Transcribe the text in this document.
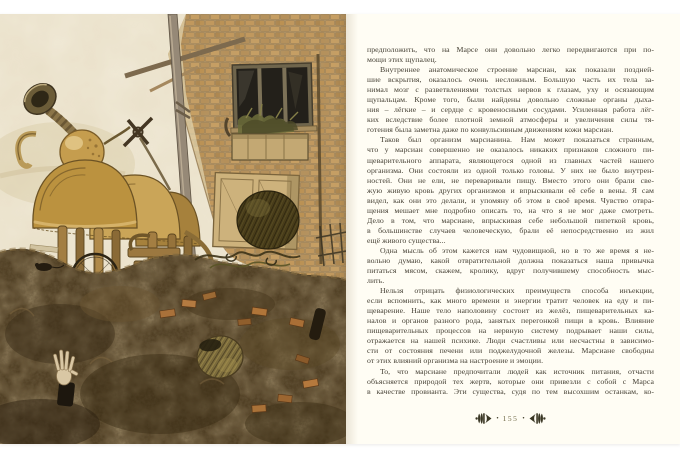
предположить, что на Марсе они довольно легко передвигаются при по-
мощи этих щупалец.
Внутреннее анатомическое строение марсиан, как показали поздней-
шие вскрытия, оказалось очень несложным. Большую часть их тела за-
нимал мозг с разветвлениями толстых нервов к глазам, уху и осязающим
щупальцам. Кроме того, были найдены довольно сложные органы дыха-
ния – лёгкие – и сердце с кровеносными сосудами. Усиленная работа лёг-
ких вследствие более плотной земной атмосферы и увеличения силы тя-
готения была заметна даже по конвульсивным движениям кожи марсиан.
Таков был организм марсианина. Нам может показаться странным,
что у марсиан совершенно не оказалось никаких признаков сложного пи-
щеварительного аппарата, являющегося одной из главных частей нашего
организма. Они состояли из одной только головы. У них не было внутрен-
ностей. Они не ели, не переваривали пищу. Вместо этого они брали све-
жую живую кровь других организмов и впрыскивали её себе в вены. Я сам
видел, как они это делали, и упомяну об этом в своё время. Чувство отвра-
щения мешает мне подробно описать то, на что я не мог даже смотреть.
Дело в том, что марсиане, впрыскивая себе небольшой пипеткой кровь,
в большинстве случаев человеческую, брали её непосредственно из жил
ещё живого существа...
Одна мысль об этом кажется нам чудовищной, но в то же время я не-
вольно думаю, какой отвратительной должна показаться наша привычка
питаться мясом, скажем, кролику, вдруг получившему способность мыс-
лить.
Нельзя отрицать физиологических преимуществ способа инъекции,
если вспомнить, как много времени и энергии тратит человек на еду и пи-
щеварение. Наше тело наполовину состоит из желёз, пищеварительных ка-
налов и органов разного рода, занятых перегонкой пищи в кровь. Влияние
пищеварительных процессов на нервную систему подрывает наши силы,
отражается на нашей психике. Люди счастливы или несчастны в зависимо-
сти от состояния печени или поджелудочной железы. Марсиане свободны
от этих влияний организма на настроение и эмоции.
То, что марсиане предпочитали людей как источник питания, отчасти
объясняется природой тех жертв, которые они привезли с собой с Марса
в качестве провианта. Эти существа, судя по тем высохшим останкам, ко-
• 155 •
